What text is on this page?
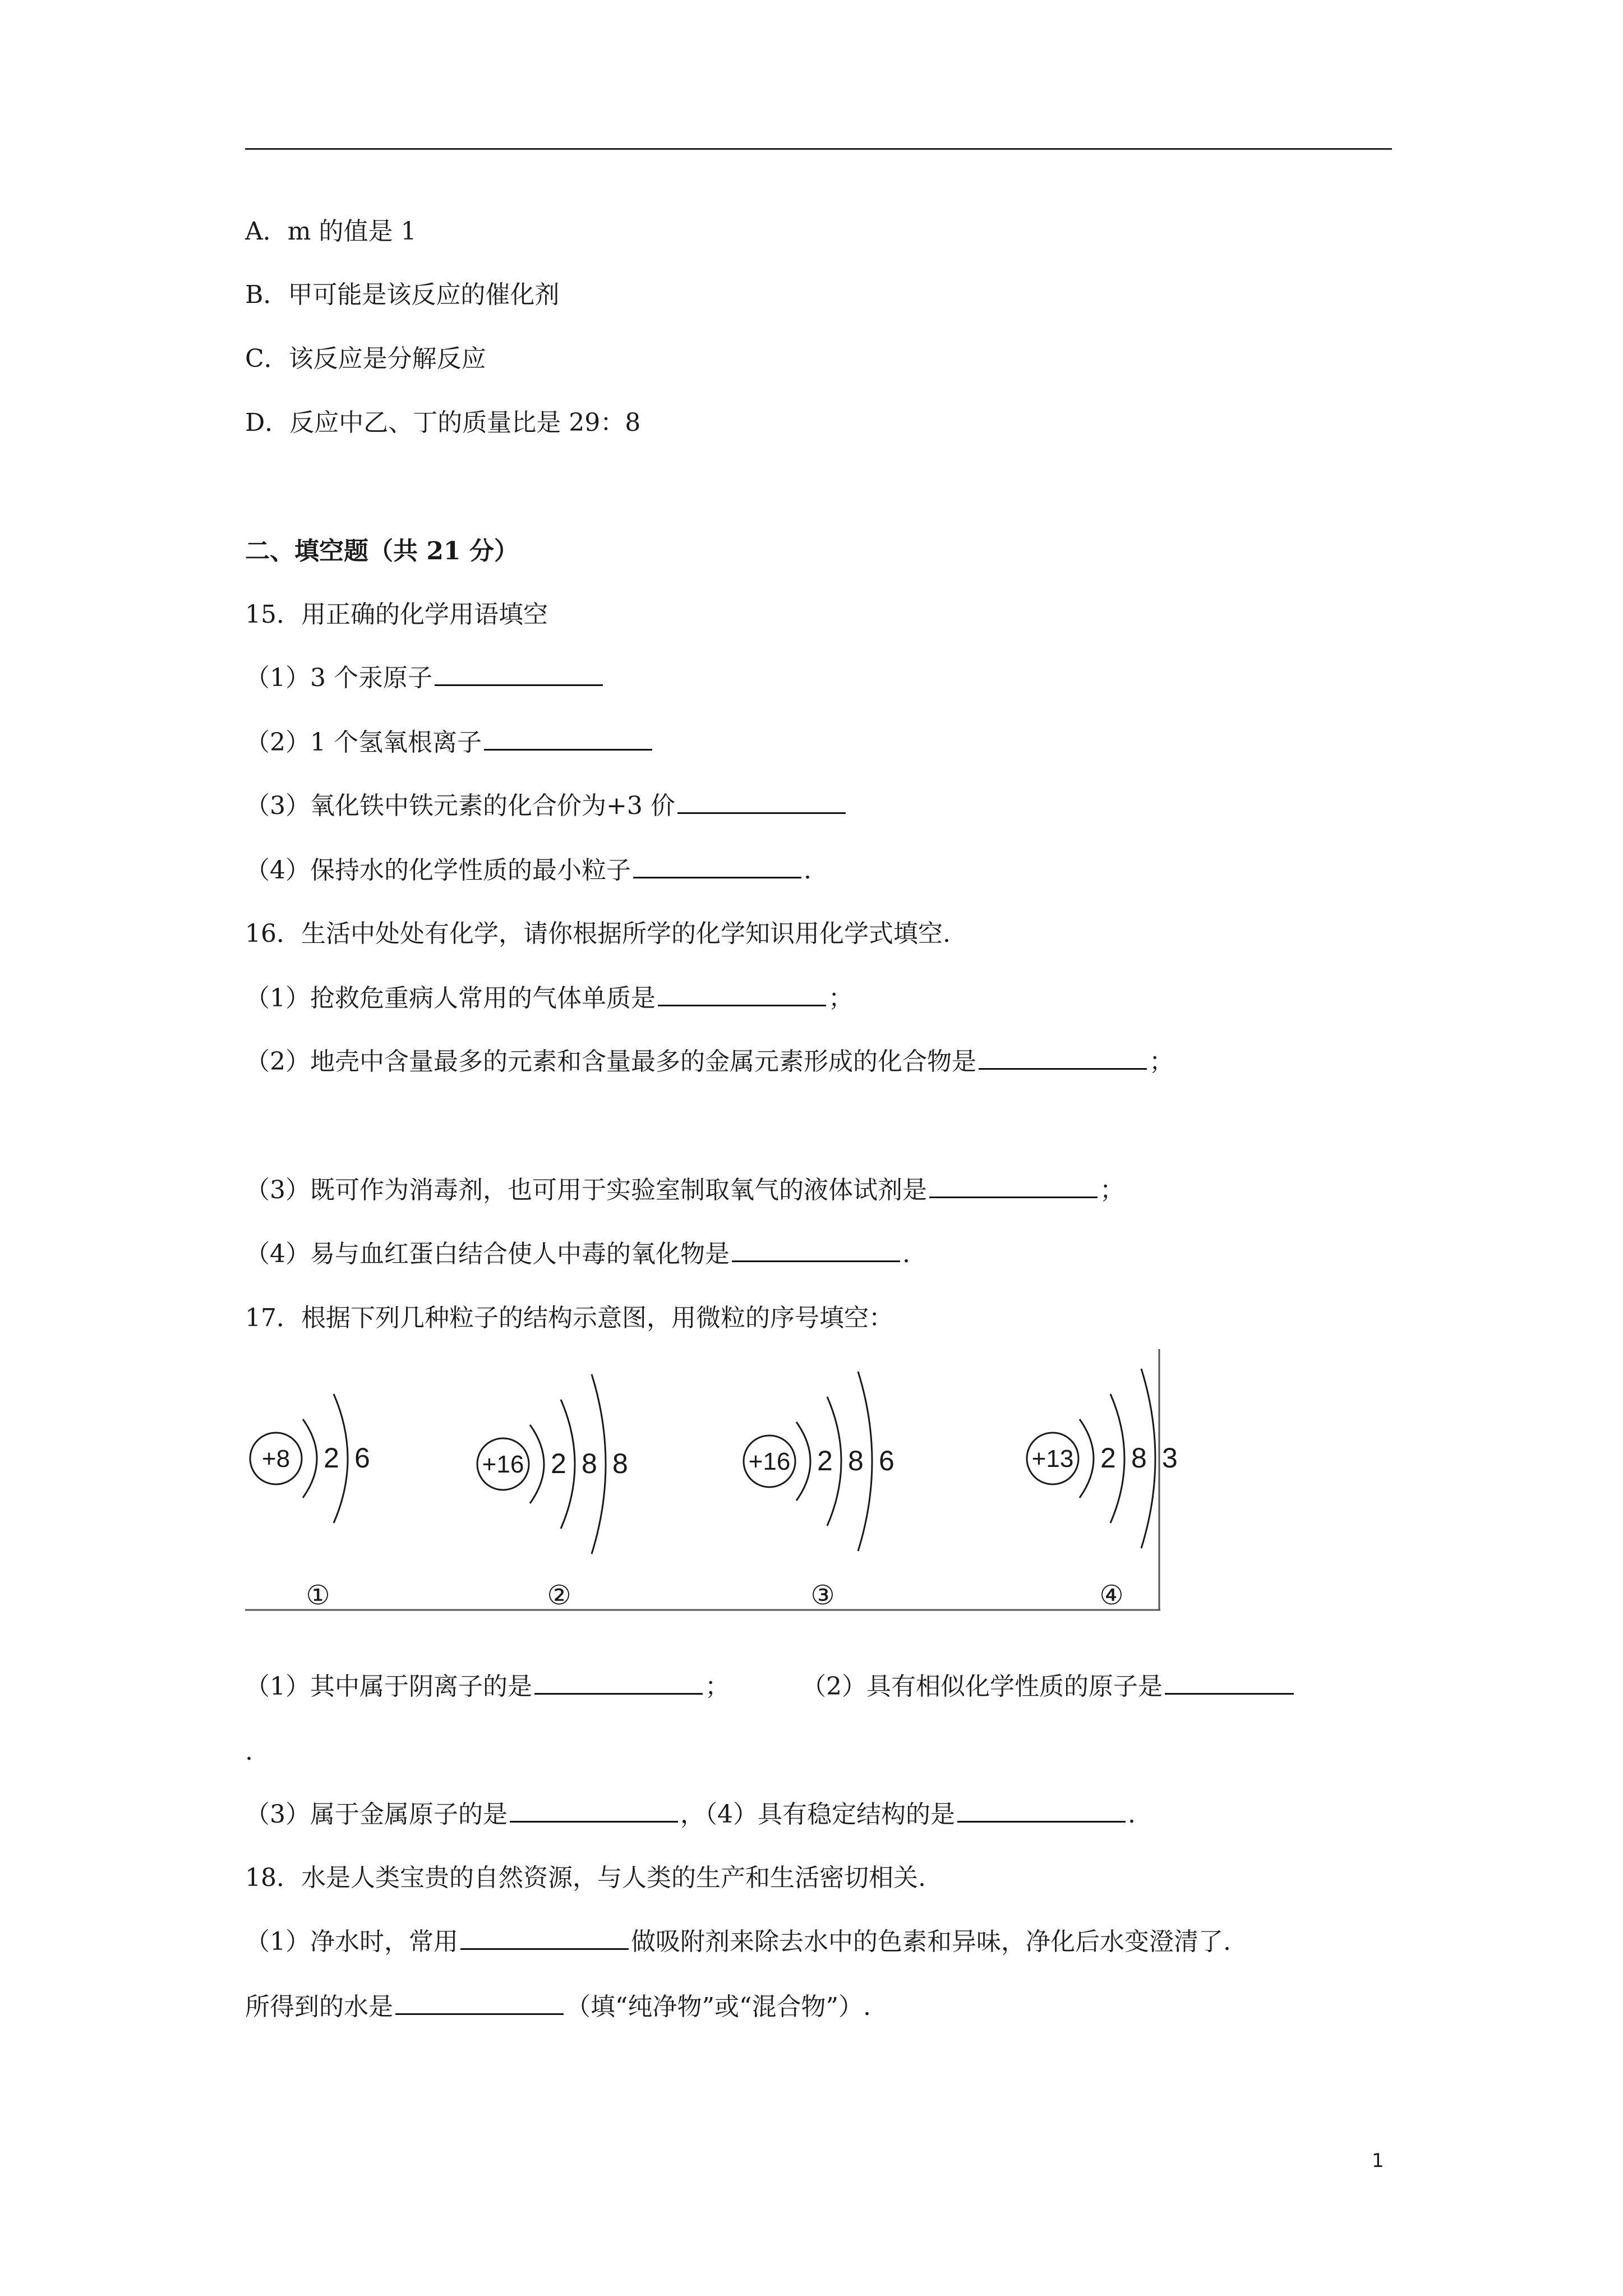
A．m 的值是 1
B．甲可能是该反应的催化剂
C．该反应是分解反应
D．反应中乙、丁的质量比是 29：8
二、填空题（共 21 分）
15．用正确的化学用语填空
（1）3 个汞原子
（2）1 个氢氧根离子
（3）氧化铁中铁元素的化合价为+3 价
（4）保持水的化学性质的最小粒子	.
16．生活中处处有化学，请你根据所学的化学知识用化学式填空.
（1）抢救危重病人常用的气体单质是	；
（2）地壳中含量最多的元素和含量最多的金属元素形成的化合物是	；
（3）既可作为消毒剂，也可用于实验室制取氧气的液体试剂是	；
（4）易与血红蛋白结合使人中毒的氧化物是	.
17．根据下列几种粒子的结构示意图，用微粒的序号填空：
+8 2 6
①
+16 2 8 8
②
+16 2 8 6
③
+13 2 8 3
④
（1）其中属于阴离子的是	；	（2）具有相似化学性质的原子是
.
（3）属于金属原子的是	，（4）具有稳定结构的是	.
18．水是人类宝贵的自然资源，与人类的生产和生活密切相关.
（1）净水时，常用	做吸附剂来除去水中的色素和异味，净化后水变澄清了.
所得到的水是	（填“纯净物”或“混合物”）.
1
